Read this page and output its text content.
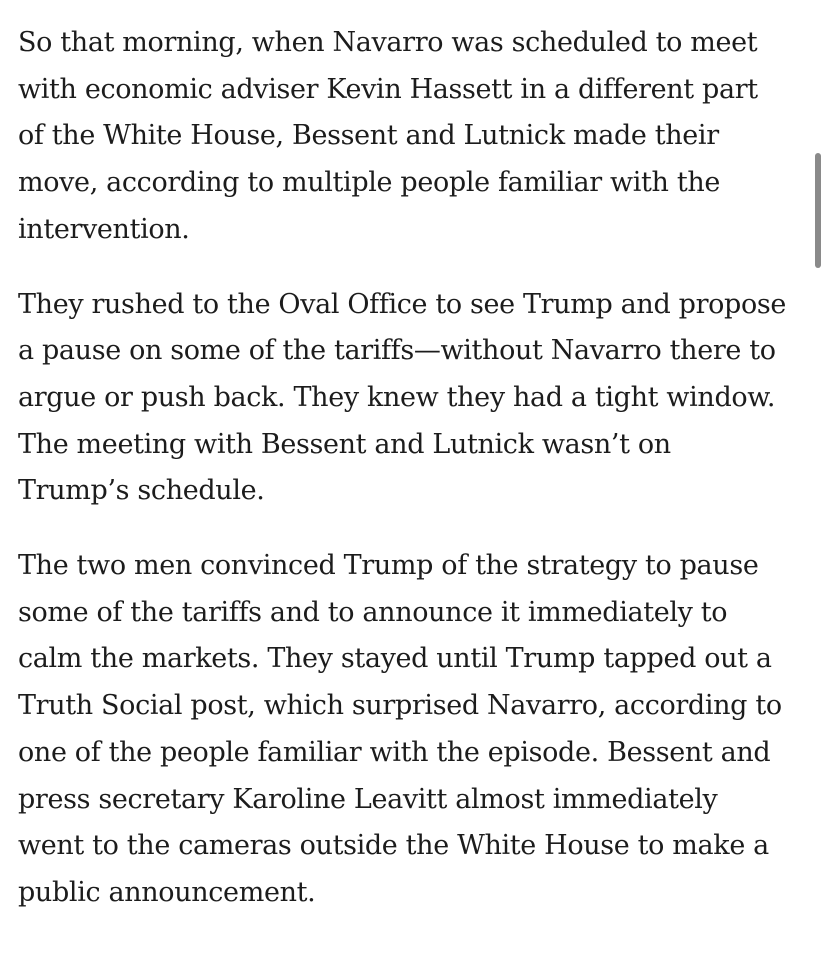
So that morning, when Navarro was scheduled to meet
with economic adviser Kevin Hassett in a different part
of the White House, Bessent and Lutnick made their
move, according to multiple people familiar with the
intervention.

They rushed to the Oval Office to see Trump and propose
a pause on some of the tariffs—without Navarro there to
argue or push back. They knew they had a tight window.
The meeting with Bessent and Lutnick wasn’t on
Trump’s schedule.

The two men convinced Trump of the strategy to pause
some of the tariffs and to announce it immediately to
calm the markets. They stayed until Trump tapped out a
Truth Social post, which surprised Navarro, according to
one of the people familiar with the episode. Bessent and
press secretary Karoline Leavitt almost immediately
went to the cameras outside the White House to make a
public announcement.
